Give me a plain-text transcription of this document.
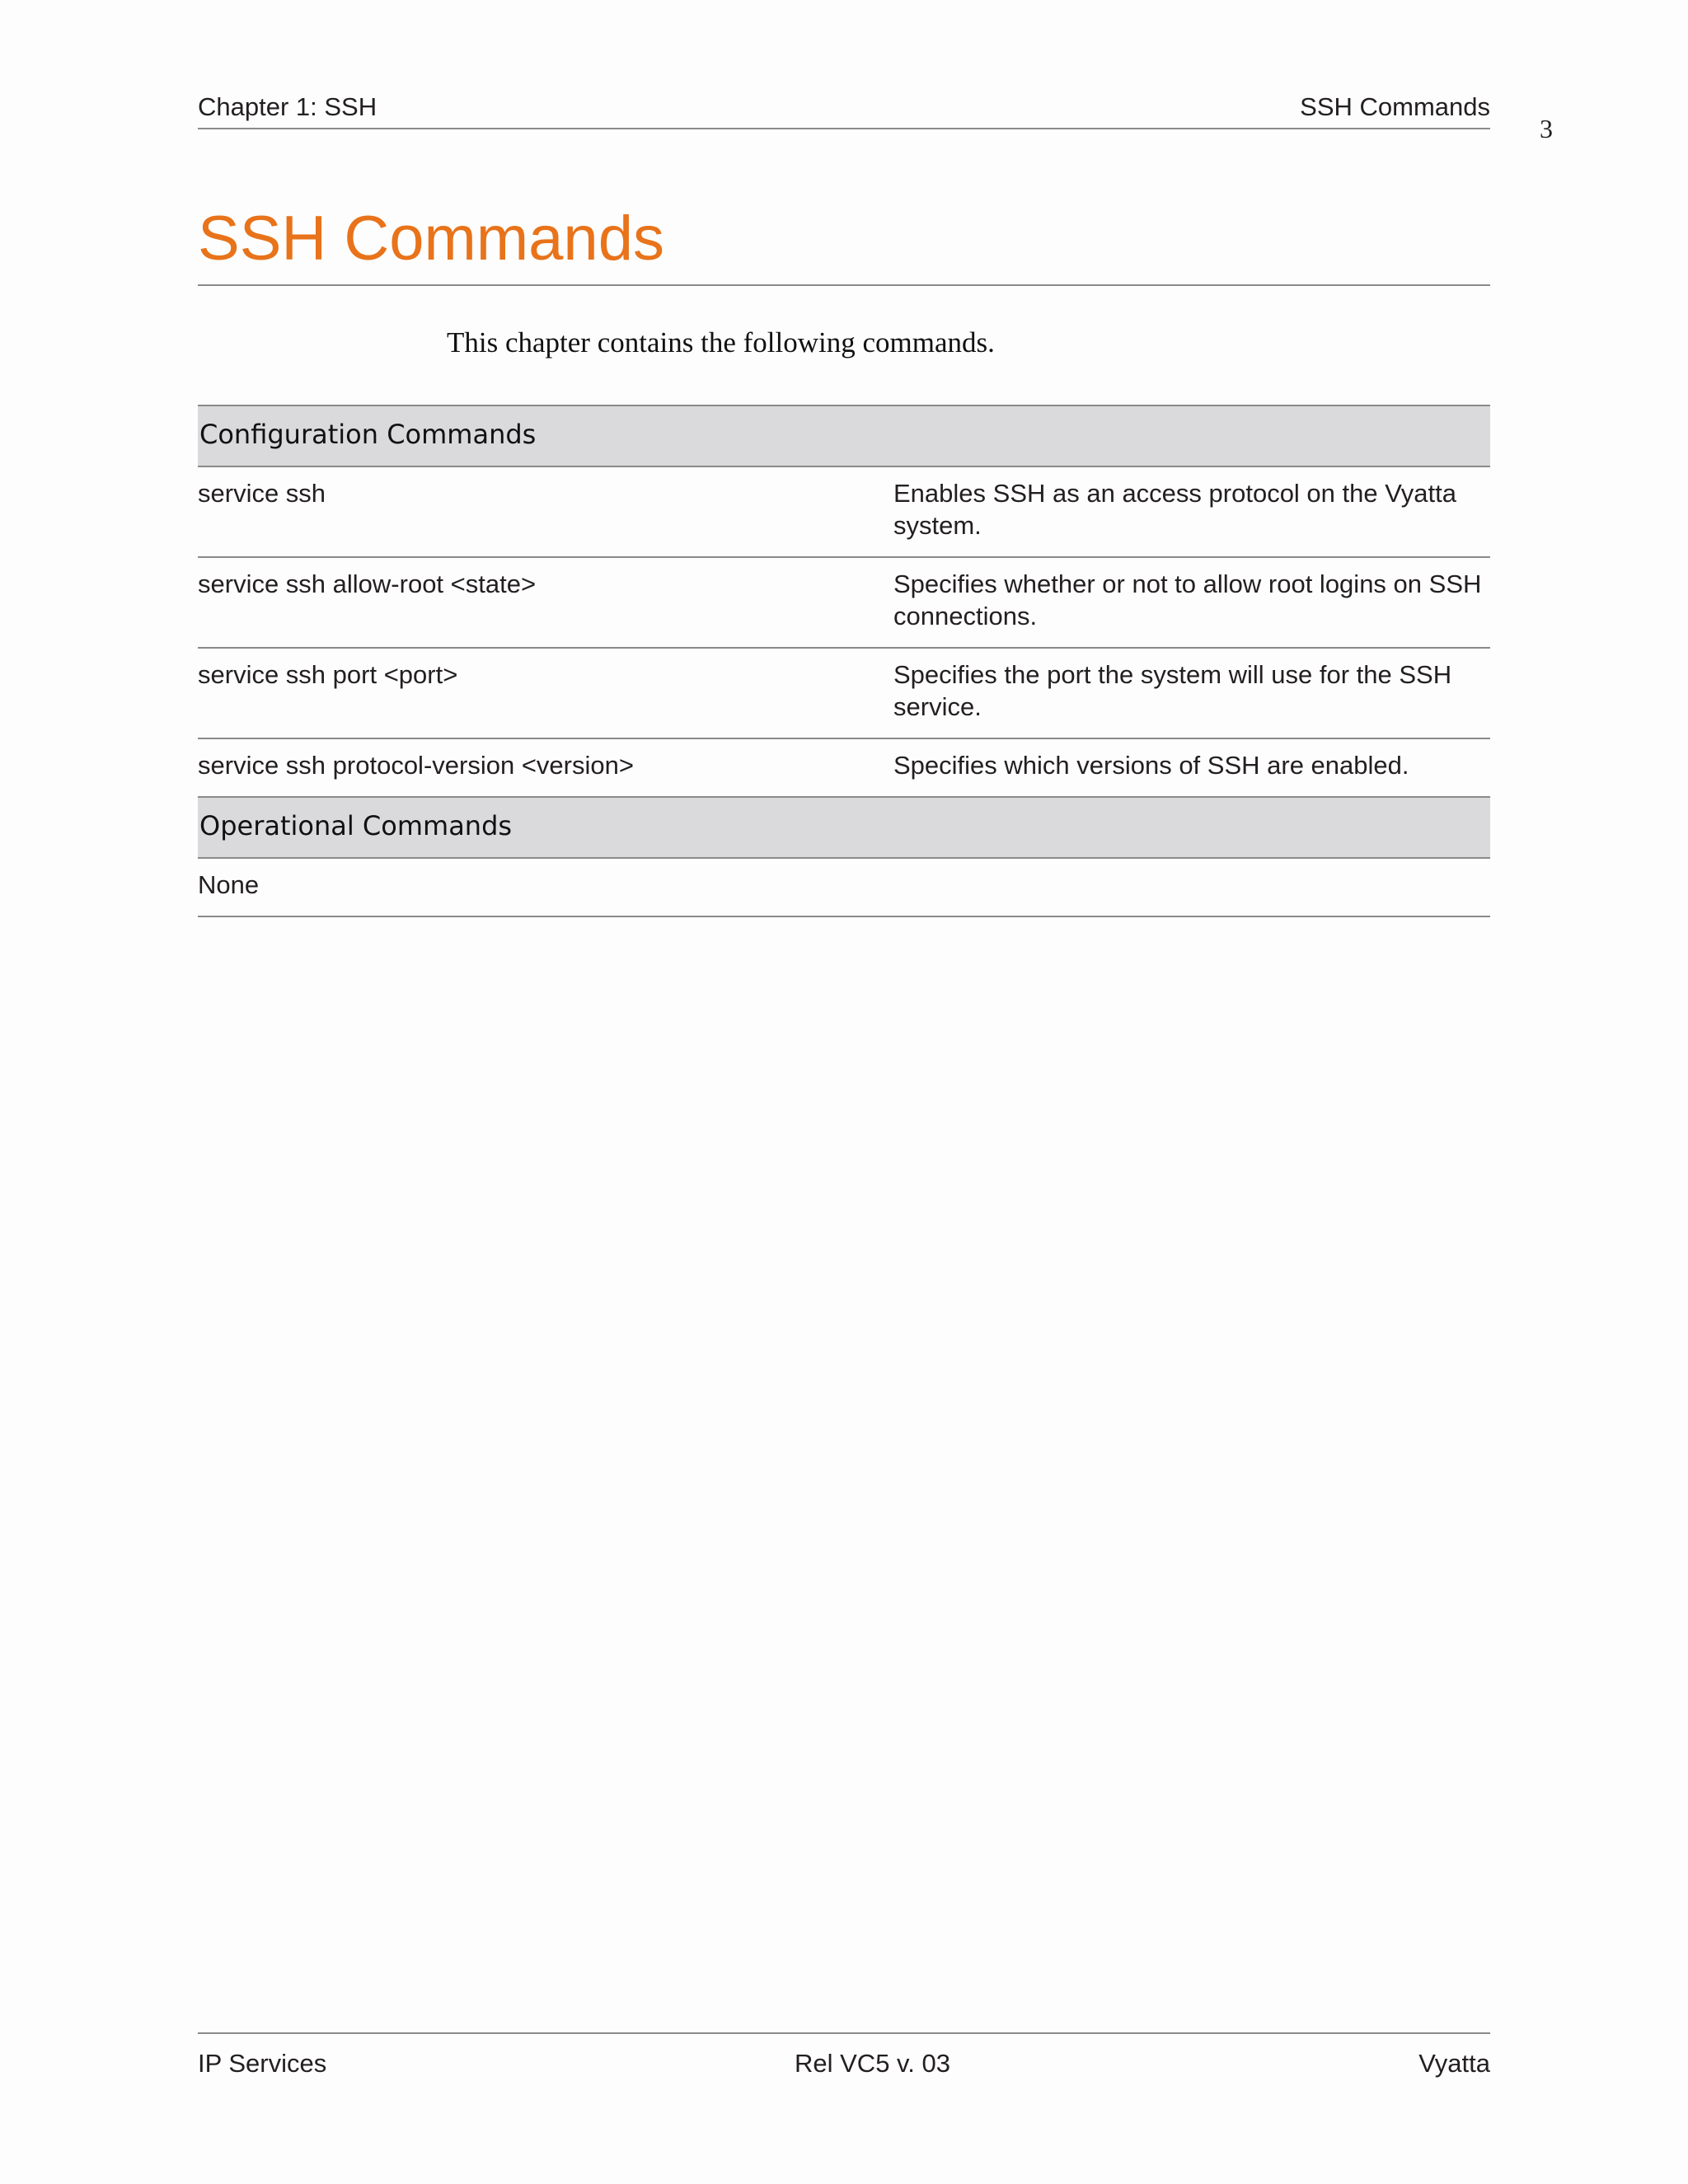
Chapter 1: SSH	SSH Commands
3
SSH Commands
This chapter contains the following commands.
Configuration Commands
service ssh	Enables SSH as an access protocol on the Vyatta system.
service ssh allow-root <state>	Specifies whether or not to allow root logins on SSH connections.
service ssh port <port>	Specifies the port the system will use for the SSH service.
service ssh protocol-version <version>	Specifies which versions of SSH are enabled.
Operational Commands
None
IP Services	Rel VC5 v. 03	Vyatta
